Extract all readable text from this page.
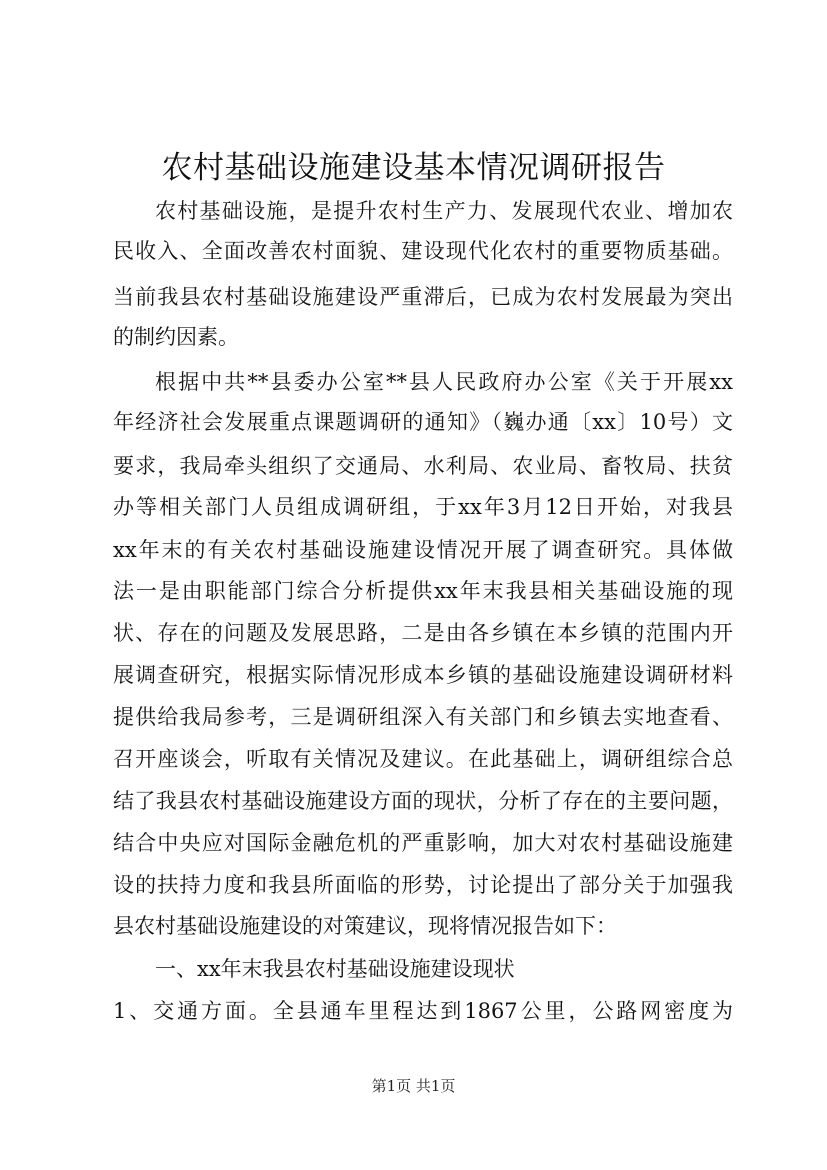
农村基础设施建设基本情况调研报告
农村基础设施，是提升农村生产力、发展现代农业、增加农
民收入、全面改善农村面貌、建设现代化农村的重要物质基础。
当前我县农村基础设施建设严重滞后，已成为农村发展最为突出
的制约因素。
根据中共**县委办公室**县人民政府办公室《关于开展xx
年经济社会发展重点课题调研的通知》（巍办通〔xx〕10号）文
要求，我局牵头组织了交通局、水利局、农业局、畜牧局、扶贫
办等相关部门人员组成调研组，于xx年3月12日开始，对我县
xx年末的有关农村基础设施建设情况开展了调查研究。具体做
法一是由职能部门综合分析提供xx年末我县相关基础设施的现
状、存在的问题及发展思路，二是由各乡镇在本乡镇的范围内开
展调查研究，根据实际情况形成本乡镇的基础设施建设调研材料
提供给我局参考，三是调研组深入有关部门和乡镇去实地查看、
召开座谈会，听取有关情况及建议。在此基础上，调研组综合总
结了我县农村基础设施建设方面的现状，分析了存在的主要问题，
结合中央应对国际金融危机的严重影响，加大对农村基础设施建
设的扶持力度和我县所面临的形势，讨论提出了部分关于加强我
县农村基础设施建设的对策建议，现将情况报告如下：
一、xx年末我县农村基础设施建设现状
1、交通方面。全县通车里程达到1867公里，公路网密度为
第1页 共1页
